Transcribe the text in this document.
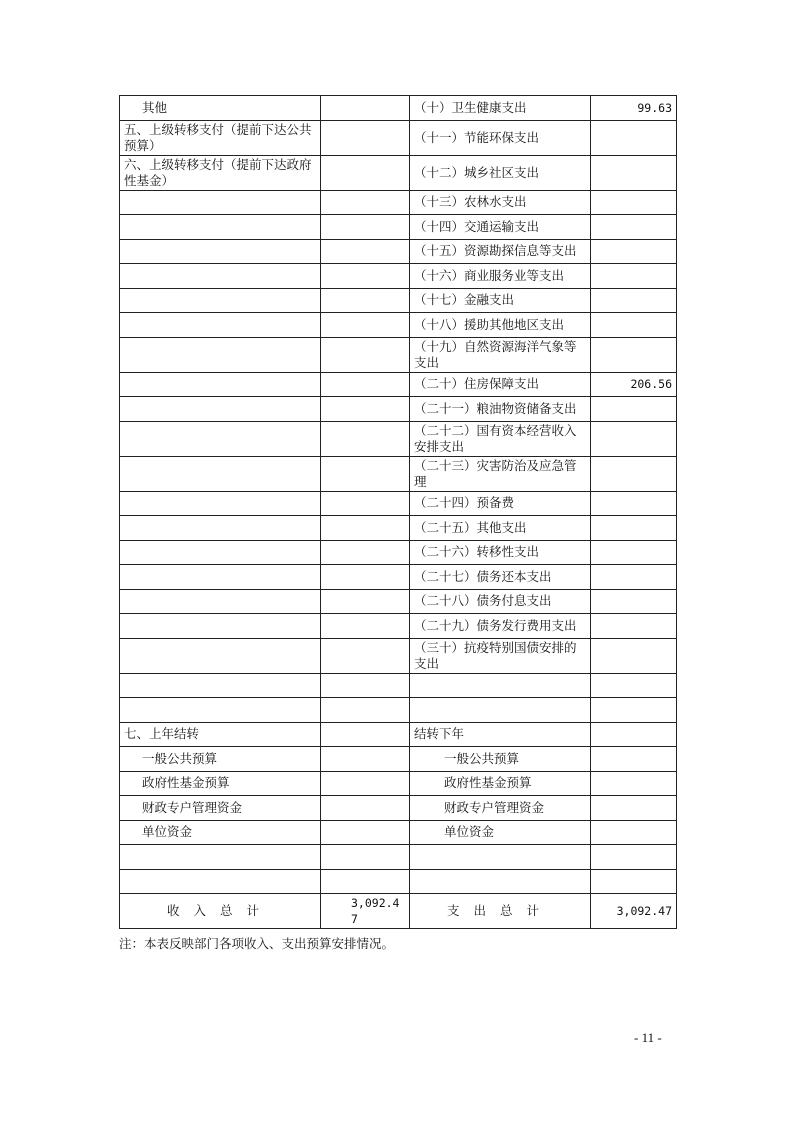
其他		（十）卫生健康支出	99.63
五、上级转移支付（提前下达公共预算）		（十一）节能环保支出	
六、上级转移支付（提前下达政府性基金）		（十二）城乡社区支出	
		（十三）农林水支出	
		（十四）交通运输支出	
		（十五）资源勘探信息等支出	
		（十六）商业服务业等支出	
		（十七）金融支出	
		（十八）援助其他地区支出	
		（十九）自然资源海洋气象等支出	
		（二十）住房保障支出	206.56
		（二十一）粮油物资储备支出	
		（二十二）国有资本经营收入安排支出	
		（二十三）灾害防治及应急管理	
		（二十四）预备费	
		（二十五）其他支出	
		（二十六）转移性支出	
		（二十七）债务还本支出	
		（二十八）债务付息支出	
		（二十九）债务发行费用支出	
		（三十）抗疫特别国债安排的支出	

七、上年结转		结转下年	
一般公共预算		一般公共预算	
政府性基金预算		政府性基金预算	
财政专户管理资金		财政专户管理资金	
单位资金		单位资金	

收入总计	3,092.47	支出总计	3,092.47
注：本表反映部门各项收入、支出预算安排情况。
- 11 -
